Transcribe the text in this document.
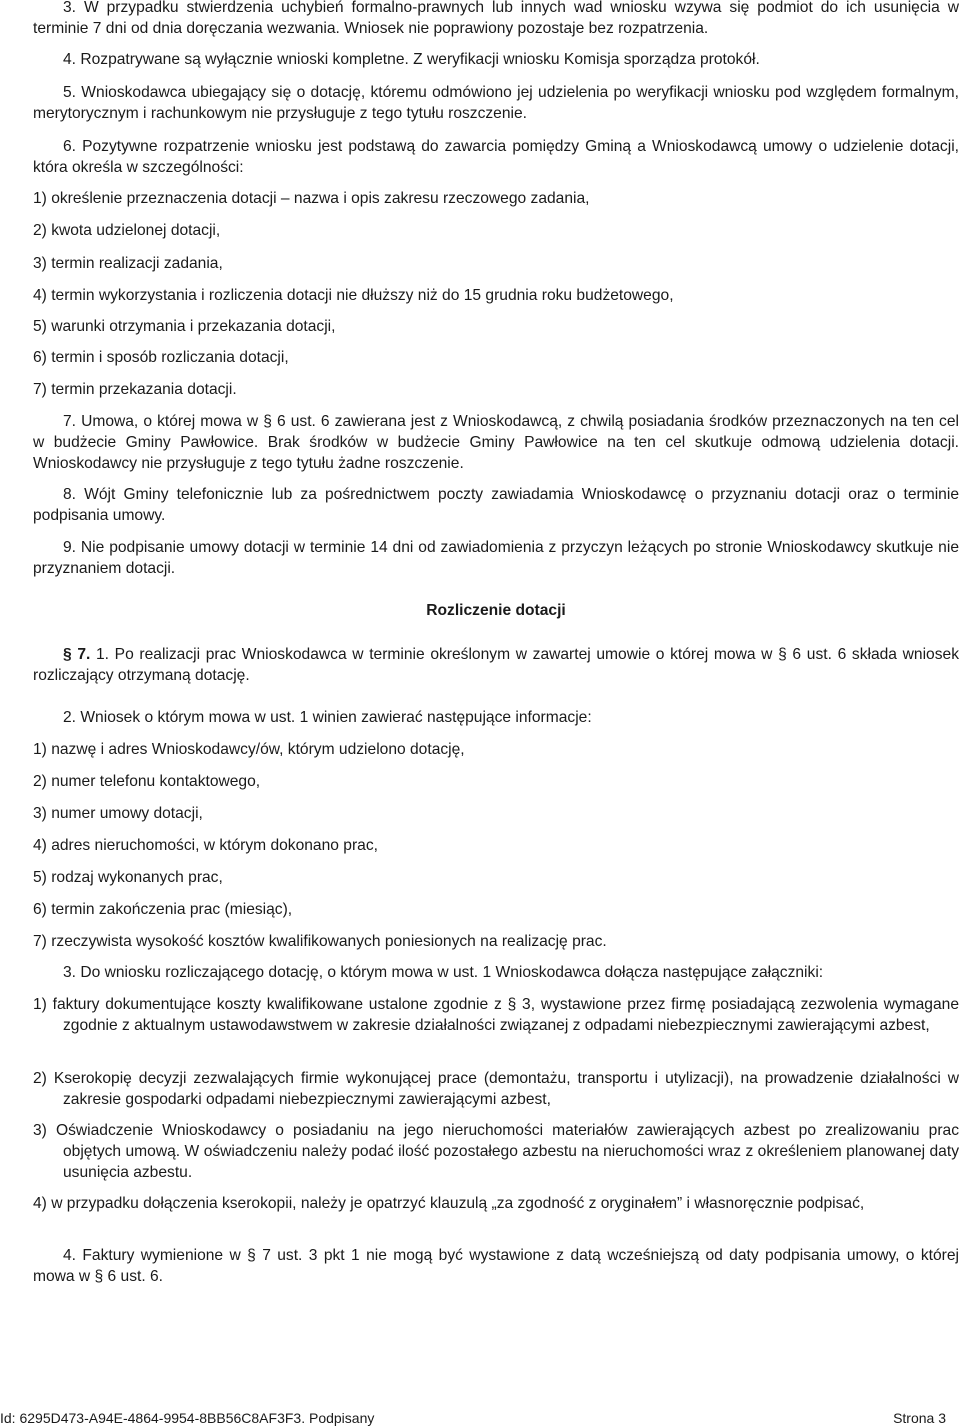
3. W przypadku stwierdzenia uchybień formalno-prawnych lub innych wad wniosku wzywa się podmiot do ich usunięcia w terminie 7 dni od dnia doręczania wezwania. Wniosek nie poprawiony pozostaje bez rozpatrzenia.

4. Rozpatrywane są wyłącznie wnioski kompletne. Z weryfikacji wniosku Komisja sporządza protokół.

5. Wnioskodawca ubiegający się o dotację, któremu odmówiono jej udzielenia po weryfikacji wniosku pod względem formalnym, merytorycznym i rachunkowym nie przysługuje z tego tytułu roszczenie.

6. Pozytywne rozpatrzenie wniosku jest podstawą do zawarcia pomiędzy Gminą a Wnioskodawcą umowy o udzielenie dotacji, która określa w szczególności:

1) określenie przeznaczenia dotacji – nazwa i opis zakresu rzeczowego zadania,

2) kwota udzielonej dotacji,

3) termin realizacji zadania,

4) termin wykorzystania i rozliczenia dotacji nie dłuższy niż do 15 grudnia roku budżetowego,

5) warunki otrzymania i przekazania dotacji,

6) termin i sposób rozliczania dotacji,

7) termin przekazania dotacji.

7. Umowa, o której mowa w § 6 ust. 6 zawierana jest z Wnioskodawcą, z chwilą posiadania środków przeznaczonych na ten cel w budżecie Gminy Pawłowice. Brak środków w budżecie Gminy Pawłowice na ten cel skutkuje odmową udzielenia dotacji. Wnioskodawcy nie przysługuje z tego tytułu żadne roszczenie.

8. Wójt Gminy telefonicznie lub za pośrednictwem poczty zawiadamia Wnioskodawcę o przyznaniu dotacji oraz o terminie podpisania umowy.

9. Nie podpisanie umowy dotacji w terminie 14 dni od zawiadomienia z przyczyn leżących po stronie Wnioskodawcy skutkuje nie przyznaniem dotacji.

Rozliczenie dotacji

§ 7. 1. Po realizacji prac Wnioskodawca w terminie określonym w zawartej umowie o której mowa w § 6 ust. 6 składa wniosek rozliczający otrzymaną dotację.

2. Wniosek o którym mowa w ust. 1 winien zawierać następujące informacje:

1) nazwę i adres Wnioskodawcy/ów, którym udzielono dotację,

2) numer telefonu kontaktowego,

3) numer umowy dotacji,

4) adres nieruchomości, w którym dokonano prac,

5) rodzaj wykonanych prac,

6) termin zakończenia prac (miesiąc),

7) rzeczywista wysokość kosztów kwalifikowanych poniesionych na realizację prac.

3. Do wniosku rozliczającego dotację, o którym mowa w ust. 1 Wnioskodawca dołącza następujące załączniki:

1) faktury dokumentujące koszty kwalifikowane ustalone zgodnie z § 3, wystawione przez firmę posiadającą zezwolenia wymagane zgodnie z aktualnym ustawodawstwem w zakresie działalności związanej z odpadami niebezpiecznymi zawierającymi azbest,

2) Kserokopię decyzji zezwalających firmie wykonującej prace (demontażu, transportu i utylizacji), na prowadzenie działalności w zakresie gospodarki odpadami niebezpiecznymi zawierającymi azbest,

3) Oświadczenie Wnioskodawcy o posiadaniu na jego nieruchomości materiałów zawierających azbest po zrealizowaniu prac objętych umową. W oświadczeniu należy podać ilość pozostałego azbestu na nieruchomości wraz z określeniem planowanej daty usunięcia azbestu.

4) w przypadku dołączenia kserokopii, należy je opatrzyć klauzulą „za zgodność z oryginałem” i własnoręcznie podpisać,

4. Faktury wymienione w § 7 ust. 3 pkt 1 nie mogą być wystawione z datą wcześniejszą od daty podpisania umowy, o której mowa w § 6 ust. 6.

Id: 6295D473-A94E-4864-9954-8BB56C8AF3F3. Podpisany	Strona 3
